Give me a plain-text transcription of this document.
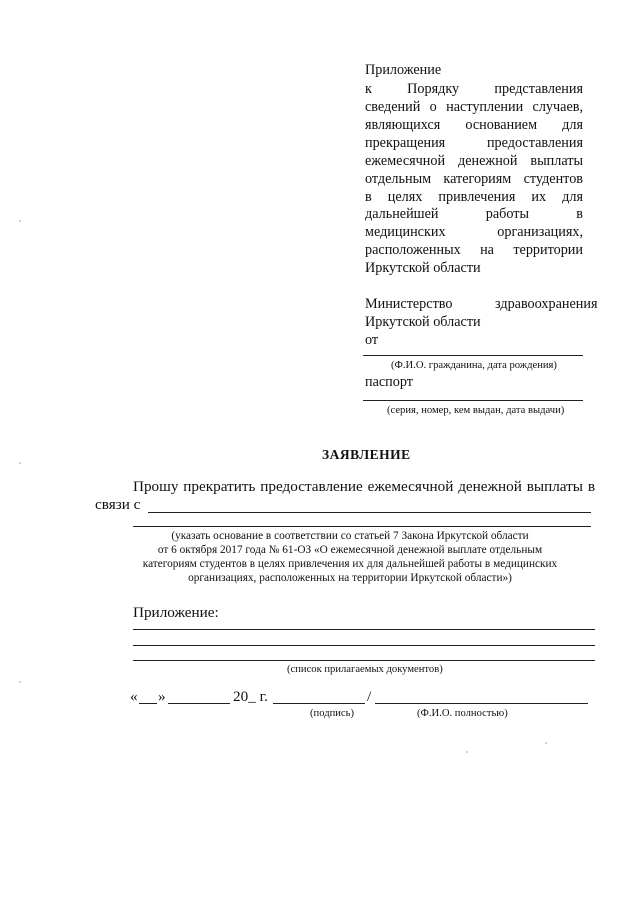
Приложение
к Порядку представления
сведений о наступлении случаев,
являющихся основанием для
прекращения предоставления
ежемесячной денежной выплаты
отдельным категориям студентов
в целях привлечения их для
дальнейшей работы в
медицинских организациях,
расположенных на территории
Иркутской области
Министерство	здравоохранения
Иркутской области
от
(Ф.И.О. гражданина, дата рождения)
паспорт
(серия, номер, кем выдан, дата выдачи)
ЗАЯВЛЕНИЕ
Прошу прекратить предоставление ежемесячной денежной выплаты в
связи с
(указать основание в соответствии со статьей 7 Закона Иркутской области
от 6 октября 2017 года № 61-ОЗ «О ежемесячной денежной выплате отдельным
категориям студентов в целях привлечения их для дальнейшей работы в медицинских
организациях, расположенных на территории Иркутской области»)
Приложение:
(список прилагаемых документов)
« »	20_ г.	/
(подпись)	(Ф.И.О. полностью)
